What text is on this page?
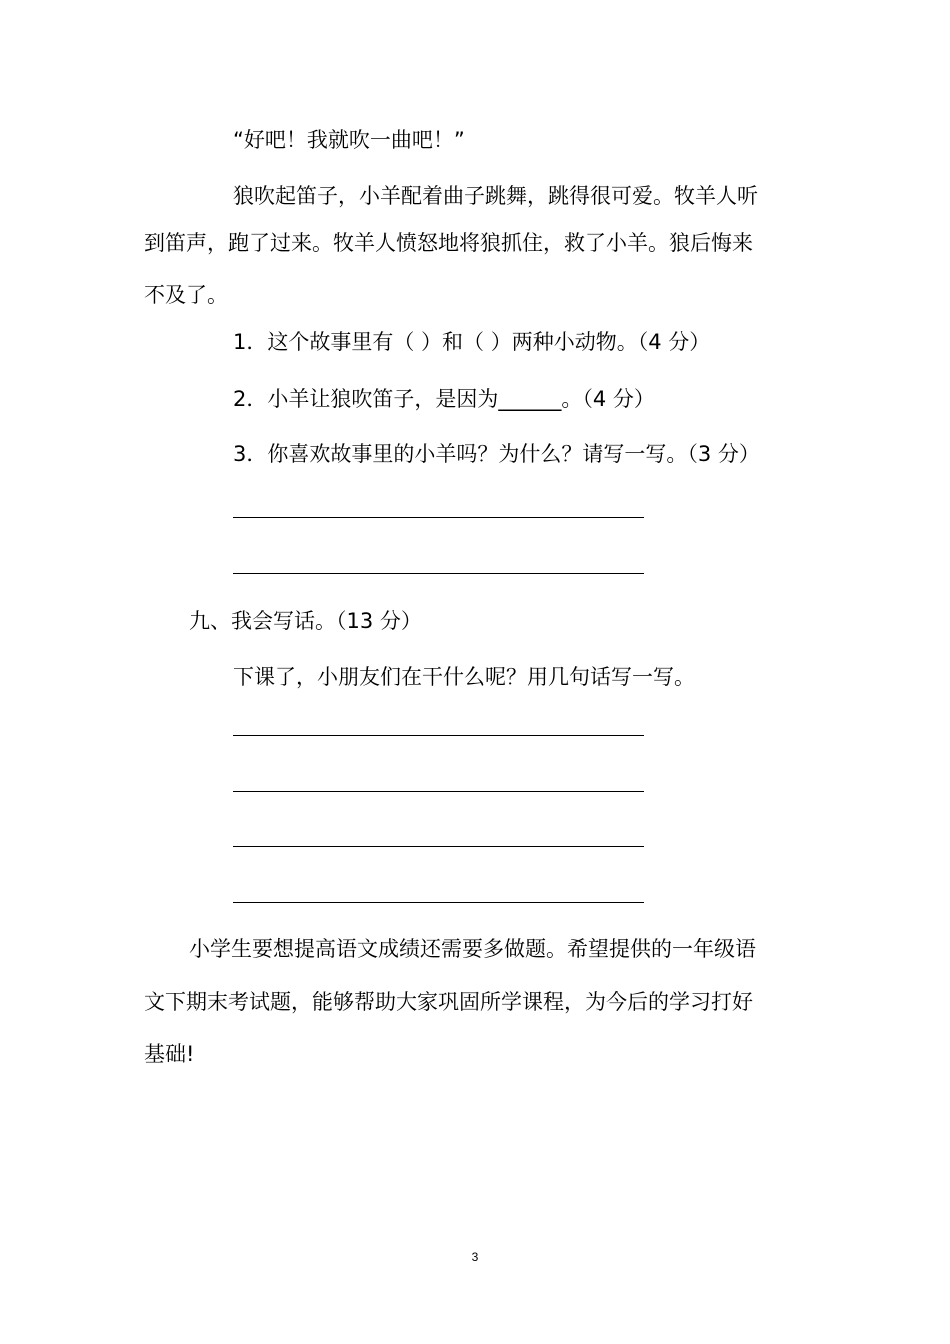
“好吧！我就吹一曲吧！”
狼吹起笛子，小羊配着曲子跳舞，跳得很可爱。牧羊人听
到笛声，跑了过来。牧羊人愤怒地将狼抓住，救了小羊。狼后悔来
不及了。
1．这个故事里有（ ）和（ ）两种小动物。（4 分）
2．小羊让狼吹笛子，是因为______。（4 分）
3．你喜欢故事里的小羊吗？为什么？请写一写。（3 分）
九、我会写话。（13 分）
下课了，小朋友们在干什么呢？用几句话写一写。
小学生要想提高语文成绩还需要多做题。希望提供的一年级语
文下期末考试题，能够帮助大家巩固所学课程，为今后的学习打好
基础!
3
